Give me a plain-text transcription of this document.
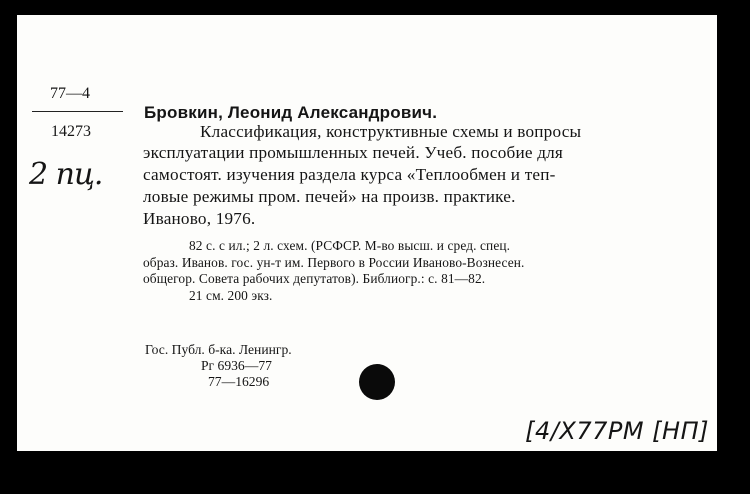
77—4
14273
2 пц.
Бровкин, Леонид Александрович.
Классификация, конструктивные схемы и вопросы
эксплуатации промышленных печей. Учеб. пособие для
самостоят. изучения раздела курса «Теплообмен и теп-
ловые режимы пром. печей» на произв. практике.
Иваново, 1976.
82 с. с ил.; 2 л. схем. (РСФСР. М-во высш. и сред. спец.
образ. Иванов. гос. ун-т им. Первого в России Иваново-Вознесен.
общегор. Совета рабочих депутатов). Библиогр.: с. 81—82.
21 см. 200 экз.
Гос. Публ. б-ка. Ленингр.
Рг 6936—77
77—16296
[4/X77PM [HП]
